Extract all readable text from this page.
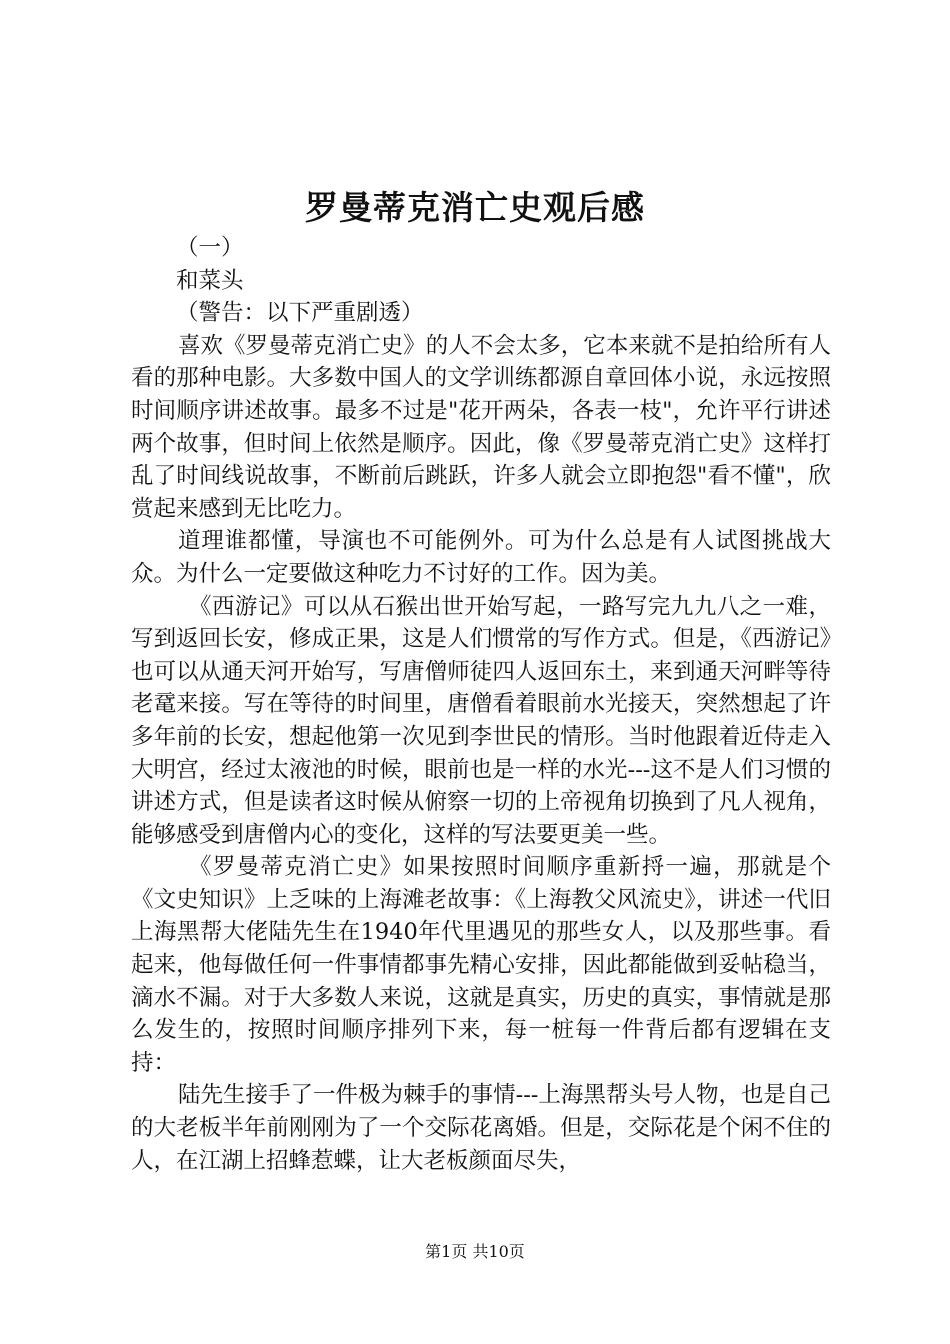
罗曼蒂克消亡史观后感

（一）

和菜头

（警告：以下严重剧透）

喜欢《罗曼蒂克消亡史》的人不会太多，它本来就不是拍给所有人看的那种电影。大多数中国人的文学训练都源自章回体小说，永远按照时间顺序讲述故事。最多不过是"花开两朵，各表一枝"，允许平行讲述两个故事，但时间上依然是顺序。因此，像《罗曼蒂克消亡史》这样打乱了时间线说故事，不断前后跳跃，许多人就会立即抱怨"看不懂"，欣赏起来感到无比吃力。

道理谁都懂，导演也不可能例外。可为什么总是有人试图挑战大众。为什么一定要做这种吃力不讨好的工作。因为美。

《西游记》可以从石猴出世开始写起，一路写完九九八之一难，写到返回长安，修成正果，这是人们惯常的写作方式。但是，《西游记》也可以从通天河开始写，写唐僧师徒四人返回东土，来到通天河畔等待老鼋来接。写在等待的时间里，唐僧看着眼前水光接天，突然想起了许多年前的长安，想起他第一次见到李世民的情形。当时他跟着近侍走入大明宫，经过太液池的时候，眼前也是一样的水光---这不是人们习惯的讲述方式，但是读者这时候从俯察一切的上帝视角切换到了凡人视角，能够感受到唐僧内心的变化，这样的写法要更美一些。

《罗曼蒂克消亡史》如果按照时间顺序重新捋一遍，那就是个《文史知识》上乏味的上海滩老故事：《上海教父风流史》，讲述一代旧上海黑帮大佬陆先生在1940年代里遇见的那些女人，以及那些事。看起来，他每做任何一件事情都事先精心安排，因此都能做到妥帖稳当，滴水不漏。对于大多数人来说，这就是真实，历史的真实，事情就是那么发生的，按照时间顺序排列下来，每一桩每一件背后都有逻辑在支持：

陆先生接手了一件极为棘手的事情---上海黑帮头号人物，也是自己的大老板半年前刚刚为了一个交际花离婚。但是，交际花是个闲不住的人，在江湖上招蜂惹蝶，让大老板颜面尽失，

第1页 共10页
